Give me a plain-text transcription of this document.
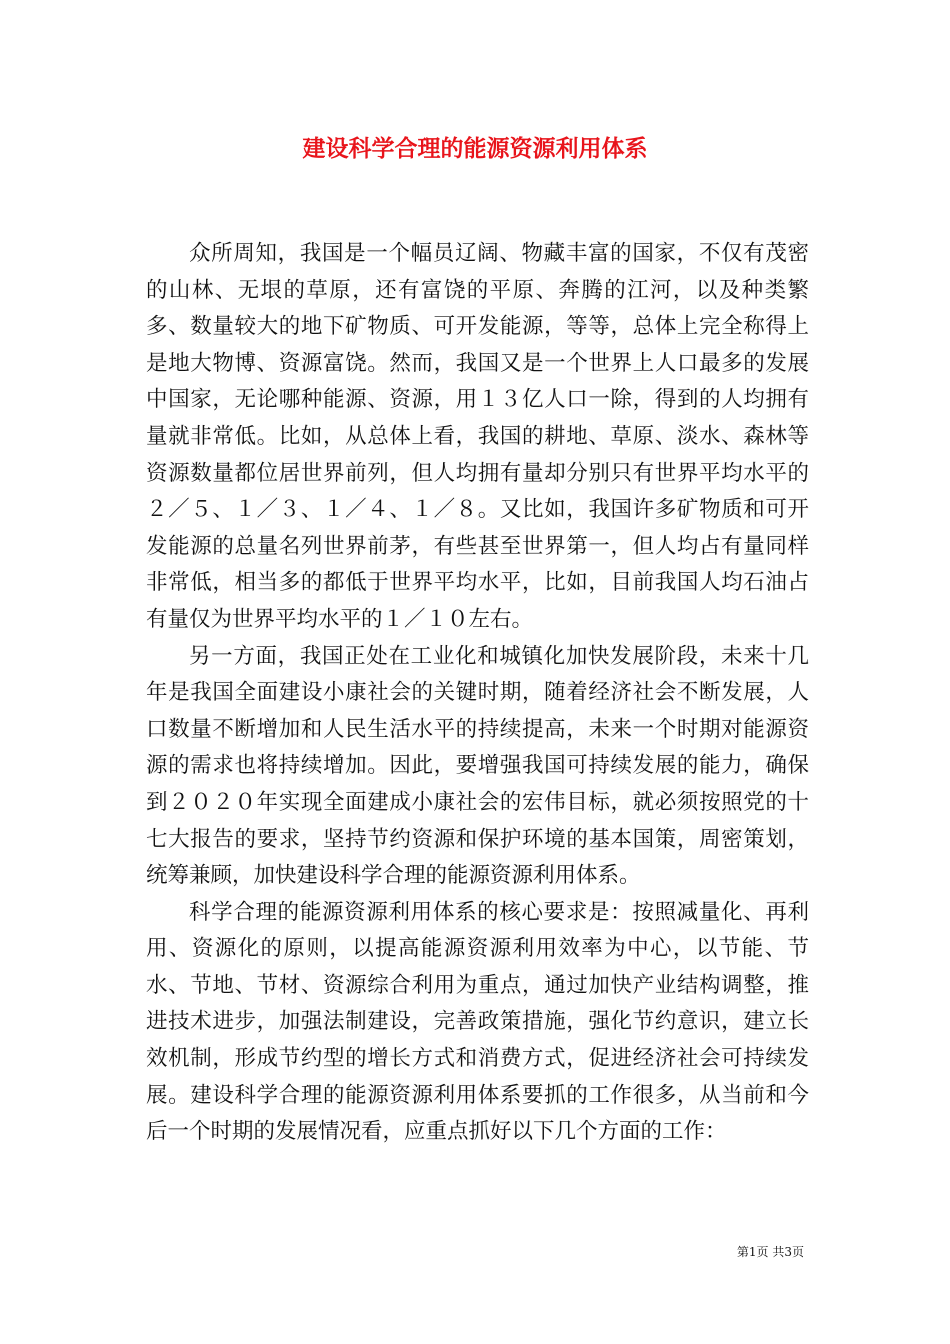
建设科学合理的能源资源利用体系

众所周知，我国是一个幅员辽阔、物藏丰富的国家，不仅有茂密的山林、无垠的草原，还有富饶的平原、奔腾的江河，以及种类繁多、数量较大的地下矿物质、可开发能源，等等，总体上完全称得上是地大物博、资源富饶。然而，我国又是一个世界上人口最多的发展中国家，无论哪种能源、资源，用１３亿人口一除，得到的人均拥有量就非常低。比如，从总体上看，我国的耕地、草原、淡水、森林等资源数量都位居世界前列，但人均拥有量却分别只有世界平均水平的２／５、１／３、１／４、１／８。又比如，我国许多矿物质和可开发能源的总量名列世界前茅，有些甚至世界第一，但人均占有量同样非常低，相当多的都低于世界平均水平，比如，目前我国人均石油占有量仅为世界平均水平的１／１０左右。

另一方面，我国正处在工业化和城镇化加快发展阶段，未来十几年是我国全面建设小康社会的关键时期，随着经济社会不断发展，人口数量不断增加和人民生活水平的持续提高，未来一个时期对能源资源的需求也将持续增加。因此，要增强我国可持续发展的能力，确保到２０２０年实现全面建成小康社会的宏伟目标，就必须按照党的十七大报告的要求，坚持节约资源和保护环境的基本国策，周密策划，统筹兼顾，加快建设科学合理的能源资源利用体系。

科学合理的能源资源利用体系的核心要求是：按照减量化、再利用、资源化的原则，以提高能源资源利用效率为中心，以节能、节水、节地、节材、资源综合利用为重点，通过加快产业结构调整，推进技术进步，加强法制建设，完善政策措施，强化节约意识，建立长效机制，形成节约型的增长方式和消费方式，促进经济社会可持续发展。建设科学合理的能源资源利用体系要抓的工作很多，从当前和今后一个时期的发展情况看，应重点抓好以下几个方面的工作：

第1页 共3页
